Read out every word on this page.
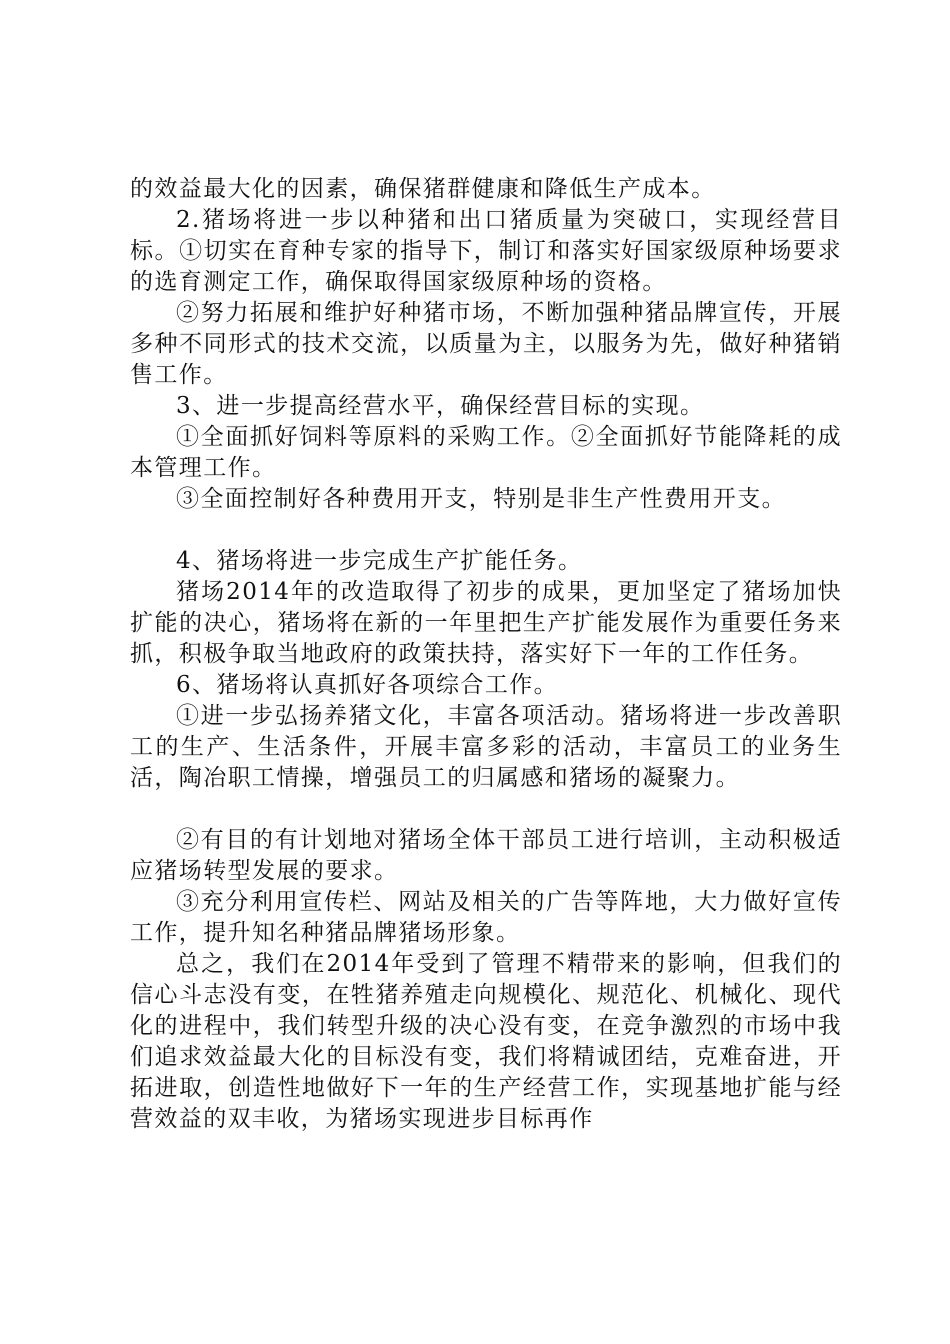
的效益最大化的因素，确保猪群健康和降低生产成本。

2.猪场将进一步以种猪和出口猪质量为突破口，实现经营目标。①切实在育种专家的指导下，制订和落实好国家级原种场要求的选育测定工作，确保取得国家级原种场的资格。

②努力拓展和维护好种猪市场，不断加强种猪品牌宣传，开展多种不同形式的技术交流，以质量为主，以服务为先，做好种猪销售工作。

3、进一步提高经营水平，确保经营目标的实现。

①全面抓好饲料等原料的采购工作。②全面抓好节能降耗的成本管理工作。

③全面控制好各种费用开支，特别是非生产性费用开支。

4、猪场将进一步完成生产扩能任务。

猪场2014年的改造取得了初步的成果，更加坚定了猪场加快扩能的决心，猪场将在新的一年里把生产扩能发展作为重要任务来抓，积极争取当地政府的政策扶持，落实好下一年的工作任务。

6、猪场将认真抓好各项综合工作。

①进一步弘扬养猪文化，丰富各项活动。猪场将进一步改善职工的生产、生活条件，开展丰富多彩的活动，丰富员工的业务生活，陶冶职工情操，增强员工的归属感和猪场的凝聚力。

②有目的有计划地对猪场全体干部员工进行培训，主动积极适应猪场转型发展的要求。

③充分利用宣传栏、网站及相关的广告等阵地，大力做好宣传工作，提升知名种猪品牌猪场形象。

总之，我们在2014年受到了管理不精带来的影响，但我们的信心斗志没有变，在牲猪养殖走向规模化、规范化、机械化、现代化的进程中，我们转型升级的决心没有变，在竞争激烈的市场中我们追求效益最大化的目标没有变，我们将精诚团结，克难奋进，开拓进取，创造性地做好下一年的生产经营工作，实现基地扩能与经营效益的双丰收，为猪场实现进步目标再作
